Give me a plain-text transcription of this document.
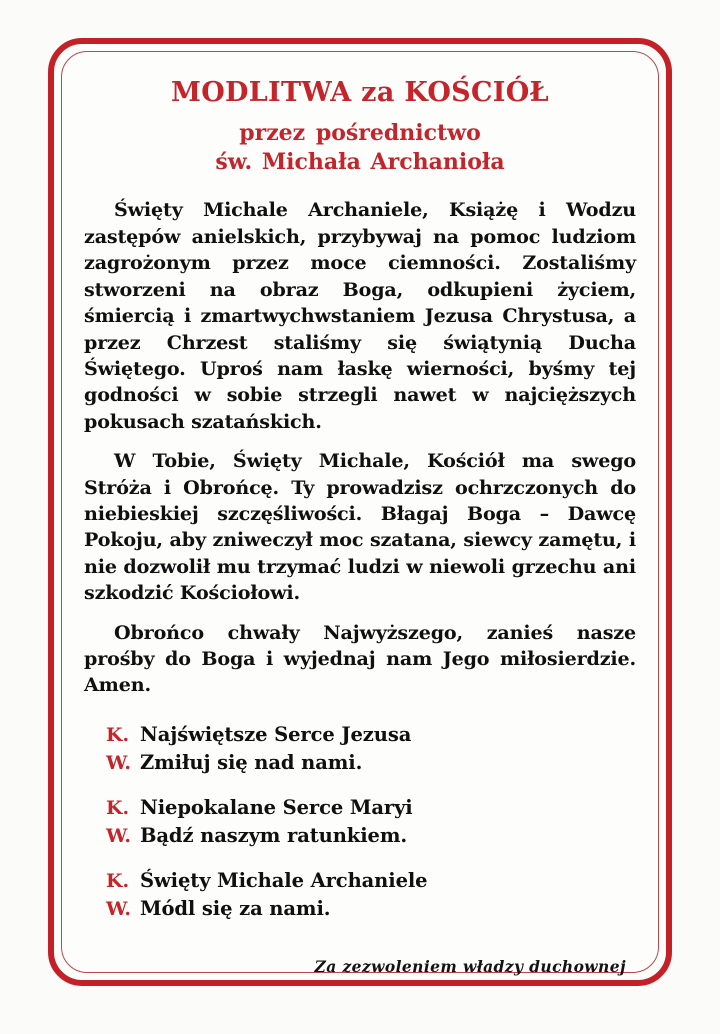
MODLITWA za KOŚCIÓŁ
przez pośrednictwo
św. Michała Archanioła

Święty Michale Archaniele, Książę i Wodzu zastępów anielskich, przybywaj na pomoc ludziom zagrożonym przez moce ciemności. Zostaliśmy stworzeni na obraz Boga, odkupieni życiem, śmiercią i zmartwychwstaniem Jezusa Chrystusa, a przez Chrzest staliśmy się świątynią Ducha Świętego. Uproś nam łaskę wierności, byśmy tej godności w sobie strzegli nawet w najcięższych pokusach szatańskich.

W Tobie, Święty Michale, Kościół ma swego Stróża i Obrońcę. Ty prowadzisz ochrzczonych do niebieskiej szczęśliwości. Błagaj Boga – Dawcę Pokoju, aby zniweczył moc szatana, siewcy zamętu, i nie dozwolił mu trzymać ludzi w niewoli grzechu ani szkodzić Kościołowi.

Obrońco chwały Najwyższego, zanieś nasze prośby do Boga i wyjednaj nam Jego miłosierdzie. Amen.

K. Najświętsze Serce Jezusa
W. Zmiłuj się nad nami.
K. Niepokalane Serce Maryi
W. Bądź naszym ratunkiem.
K. Święty Michale Archaniele
W. Módl się za nami.
Za zezwoleniem władzy duchownej
